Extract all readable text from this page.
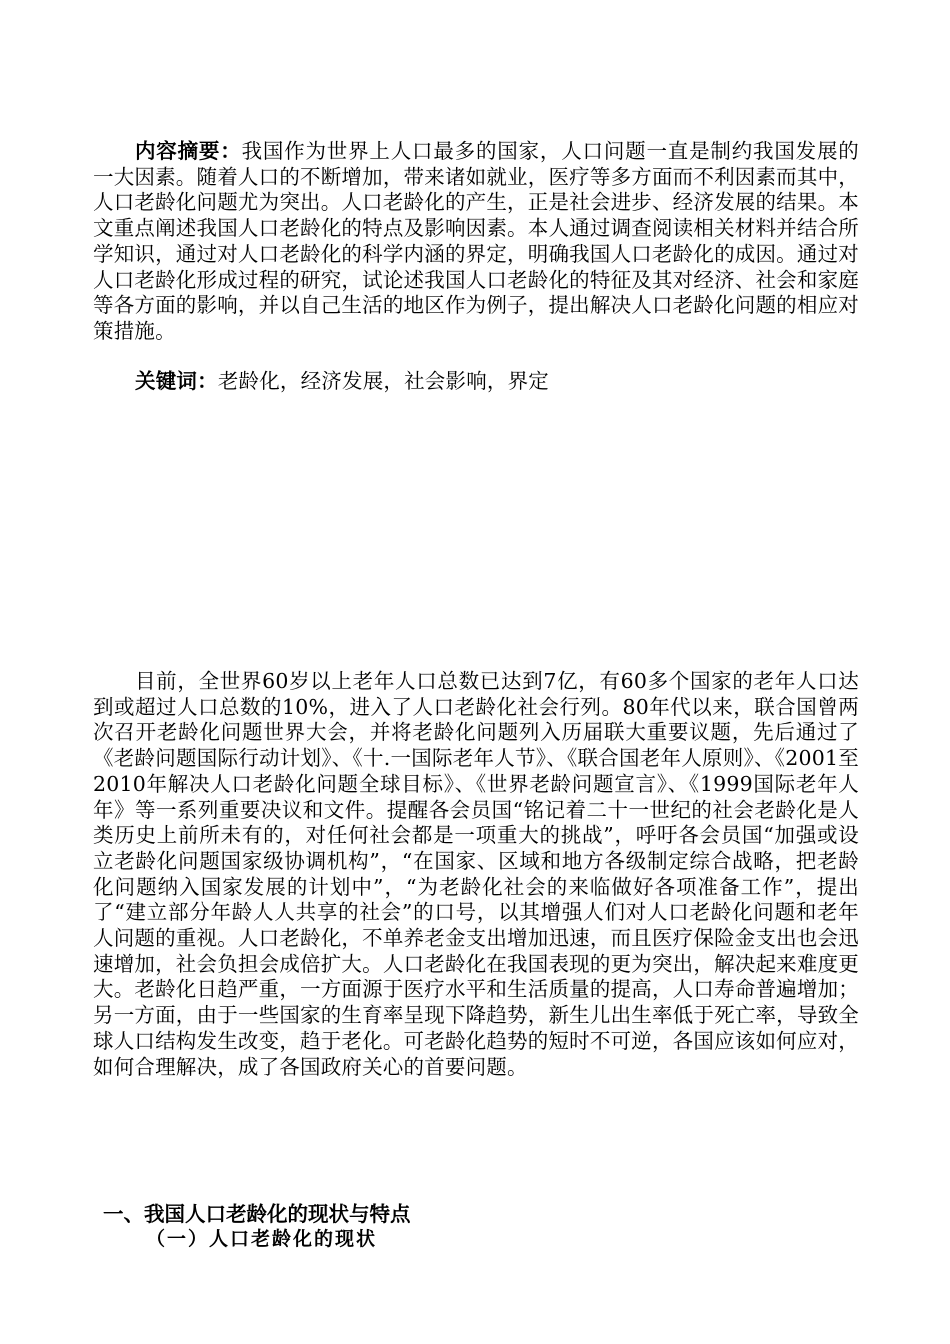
内容摘要：我国作为世界上人口最多的国家，人口问题一直是制约我国发展的一大因素。随着人口的不断增加，带来诸如就业，医疗等多方面而不利因素而其中，人口老龄化问题尤为突出。人口老龄化的产生，正是社会进步、经济发展的结果。本文重点阐述我国人口老龄化的特点及影响因素。本人通过调查阅读相关材料并结合所学知识，通过对人口老龄化的科学内涵的界定，明确我国人口老龄化的成因。通过对人口老龄化形成过程的研究，试论述我国人口老龄化的特征及其对经济、社会和家庭等各方面的影响，并以自己生活的地区作为例子，提出解决人口老龄化问题的相应对策措施。

关键词：老龄化，经济发展，社会影响，界定

目前，全世界60岁以上老年人口总数已达到7亿，有60多个国家的老年人口达到或超过人口总数的10%，进入了人口老龄化社会行列。80年代以来，联合国曾两次召开老龄化问题世界大会，并将老龄化问题列入历届联大重要议题，先后通过了《老龄问题国际行动计划》、《十.一国际老年人节》、《联合国老年人原则》、《2001至2010年解决人口老龄化问题全球目标》、《世界老龄问题宣言》、《1999国际老年人年》等一系列重要决议和文件。提醒各会员国“铭记着二十一世纪的社会老龄化是人类历史上前所未有的，对任何社会都是一项重大的挑战”，呼吁各会员国“加强或设立老龄化问题国家级协调机构”，“在国家、区域和地方各级制定综合战略，把老龄化问题纳入国家发展的计划中”，“为老龄化社会的来临做好各项准备工作”，提出了“建立部分年龄人人共享的社会”的口号，以其增强人们对人口老龄化问题和老年人问题的重视。人口老龄化，不单养老金支出增加迅速，而且医疗保险金支出也会迅速增加，社会负担会成倍扩大。人口老龄化在我国表现的更为突出，解决起来难度更大。老龄化日趋严重，一方面源于医疗水平和生活质量的提高，人口寿命普遍增加；另一方面，由于一些国家的生育率呈现下降趋势，新生儿出生率低于死亡率，导致全球人口结构发生改变，趋于老化。可老龄化趋势的短时不可逆，各国应该如何应对，如何合理解决，成了各国政府关心的首要问题。

一、我国人口老龄化的现状与特点
（一）人口老龄化的现状
